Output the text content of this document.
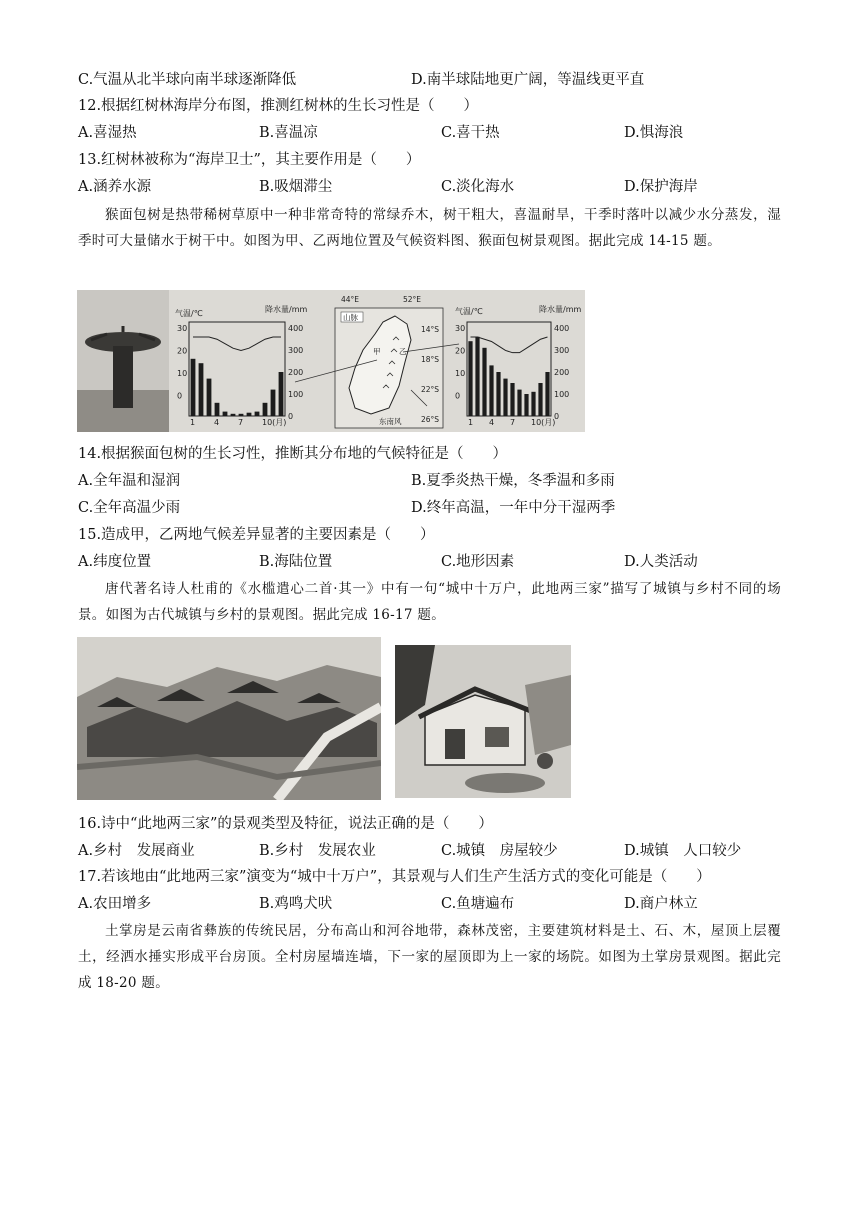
C.气温从北半球向南半球逐渐降低	D.南半球陆地更广阔，等温线更平直
12.根据红树林海岸分布图，推测红树林的生长习性是（　　）
A.喜湿热	B.喜温凉	C.喜干热	D.惧海浪
13.红树林被称为“海岸卫士”，其主要作用是（　　）
A.涵养水源	B.吸烟滞尘	C.淡化海水	D.保护海岸
猴面包树是热带稀树草原中一种非常奇特的常绿乔木，树干粗大，喜温耐旱，干季时落叶以减少水分蒸发，湿季时可大量储水于树干中。如图为甲、乙两地位置及气候资料图、猴面包树景观图。据此完成 14-15 题。
气温/℃	降水量/mm
30
20
10
0
400
300
200
100
0
1 4 7 10(月)
44°E	52°E
14°S
18°S
22°S
26°S
山脉
甲 乙
东南风
气温/℃	降水量/mm
30
20
10
0
400
300
200
100
0
1 4 7 10(月)
14.根据猴面包树的生长习性，推断其分布地的气候特征是（　　）
A.全年温和湿润	B.夏季炎热干燥，冬季温和多雨
C.全年高温少雨	D.终年高温，一年中分干湿两季
15.造成甲，乙两地气候差异显著的主要因素是（　　）
A.纬度位置	B.海陆位置	C.地形因素	D.人类活动
唐代著名诗人杜甫的《水槛遣心二首·其一》中有一句“城中十万户，此地两三家”描写了城镇与乡村不同的场景。如图为古代城镇与乡村的景观图。据此完成 16-17 题。
16.诗中“此地两三家”的景观类型及特征，说法正确的是（　　）
A.乡村　发展商业	B.乡村　发展农业	C.城镇　房屋较少	D.城镇　人口较少
17.若该地由“此地两三家”演变为“城中十万户”，其景观与人们生产生活方式的变化可能是（　　）
A.农田增多	B.鸡鸣犬吠	C.鱼塘遍布	D.商户林立
土掌房是云南省彝族的传统民居，分布高山和河谷地带，森林茂密，主要建筑材料是土、石、木，屋顶上层覆土，经洒水捶实形成平台房顶。全村房屋墙连墙，下一家的屋顶即为上一家的场院。如图为土掌房景观图。据此完成 18-20 题。
